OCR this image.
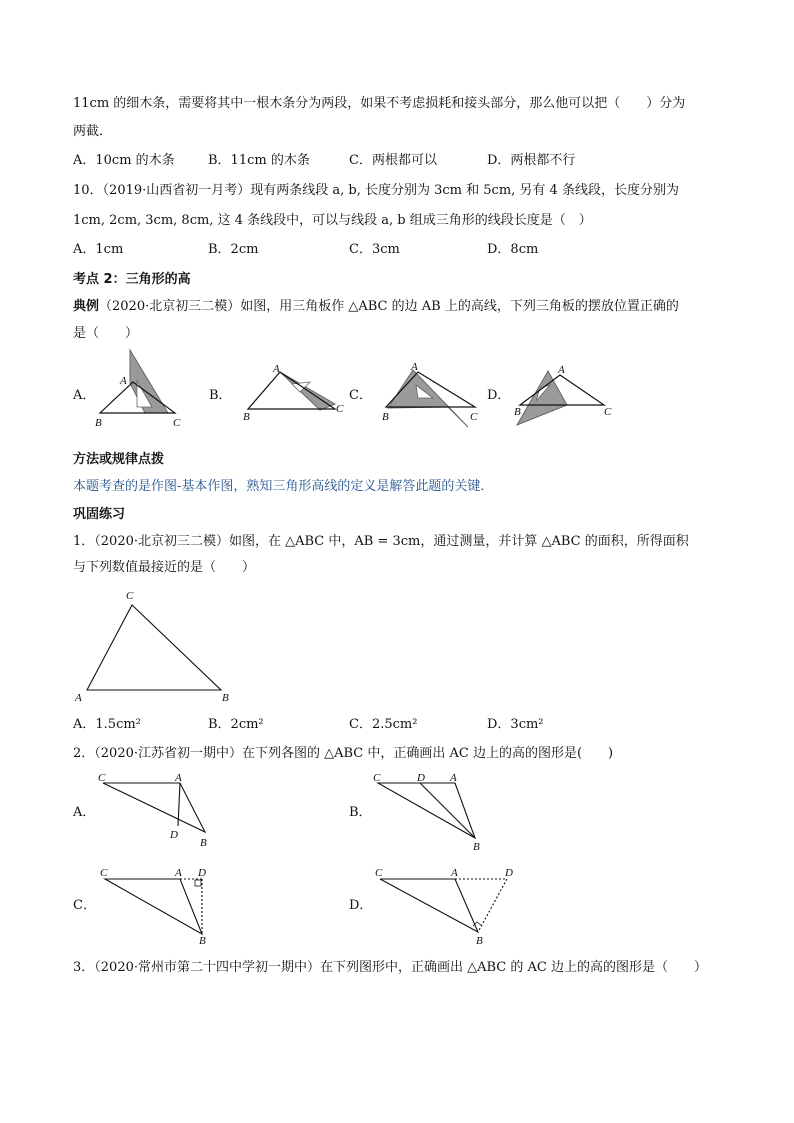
11cm 的细木条，需要将其中一根木条分为两段，如果不考虑损耗和接头部分，那么他可以把（　　）分为
两截．
A．10cm 的木条	B．11cm 的木条	C．两根都可以	D．两根都不行
10．（2019·山西省初一月考）现有两条线段 a, b, 长度分别为 3cm 和 5cm, 另有 4 条线段，长度分别为
1cm, 2cm, 3cm, 8cm, 这 4 条线段中，可以与线段 a, b 组成三角形的线段长度是（　）
A．1cm	B．2cm	C．3cm	D．8cm
考点 2：三角形的高
典例（2020·北京初三二模）如图，用三角板作 △ABC 的边 AB 上的高线，下列三角板的摆放位置正确的
是（　　）
A．	B．	C．	D．
A
B	C
A
B
C
A
B	C
A
B	C
方法或规律点拨
本题考查的是作图-基本作图，熟知三角形高线的定义是解答此题的关键．
巩固练习
1．（2020·北京初三二模）如图，在 △ABC 中，AB = 3cm，通过测量，并计算 △ABC 的面积，所得面积
与下列数值最接近的是（　　）
C
A	B
A．1.5cm²	B．2cm²	C．2.5cm²	D．3cm²
2．（2020·江苏省初一期中）在下列各图的 △ABC 中，正确画出 AC 边上的高的图形是(　　)
A．	B．
C．	D．
C	A
D
B
C	D A
B
C	A D
B
C	A	D
B
3．（2020·常州市第二十四中学初一期中）在下列图形中，正确画出 △ABC 的 AC 边上的高的图形是（　　）
